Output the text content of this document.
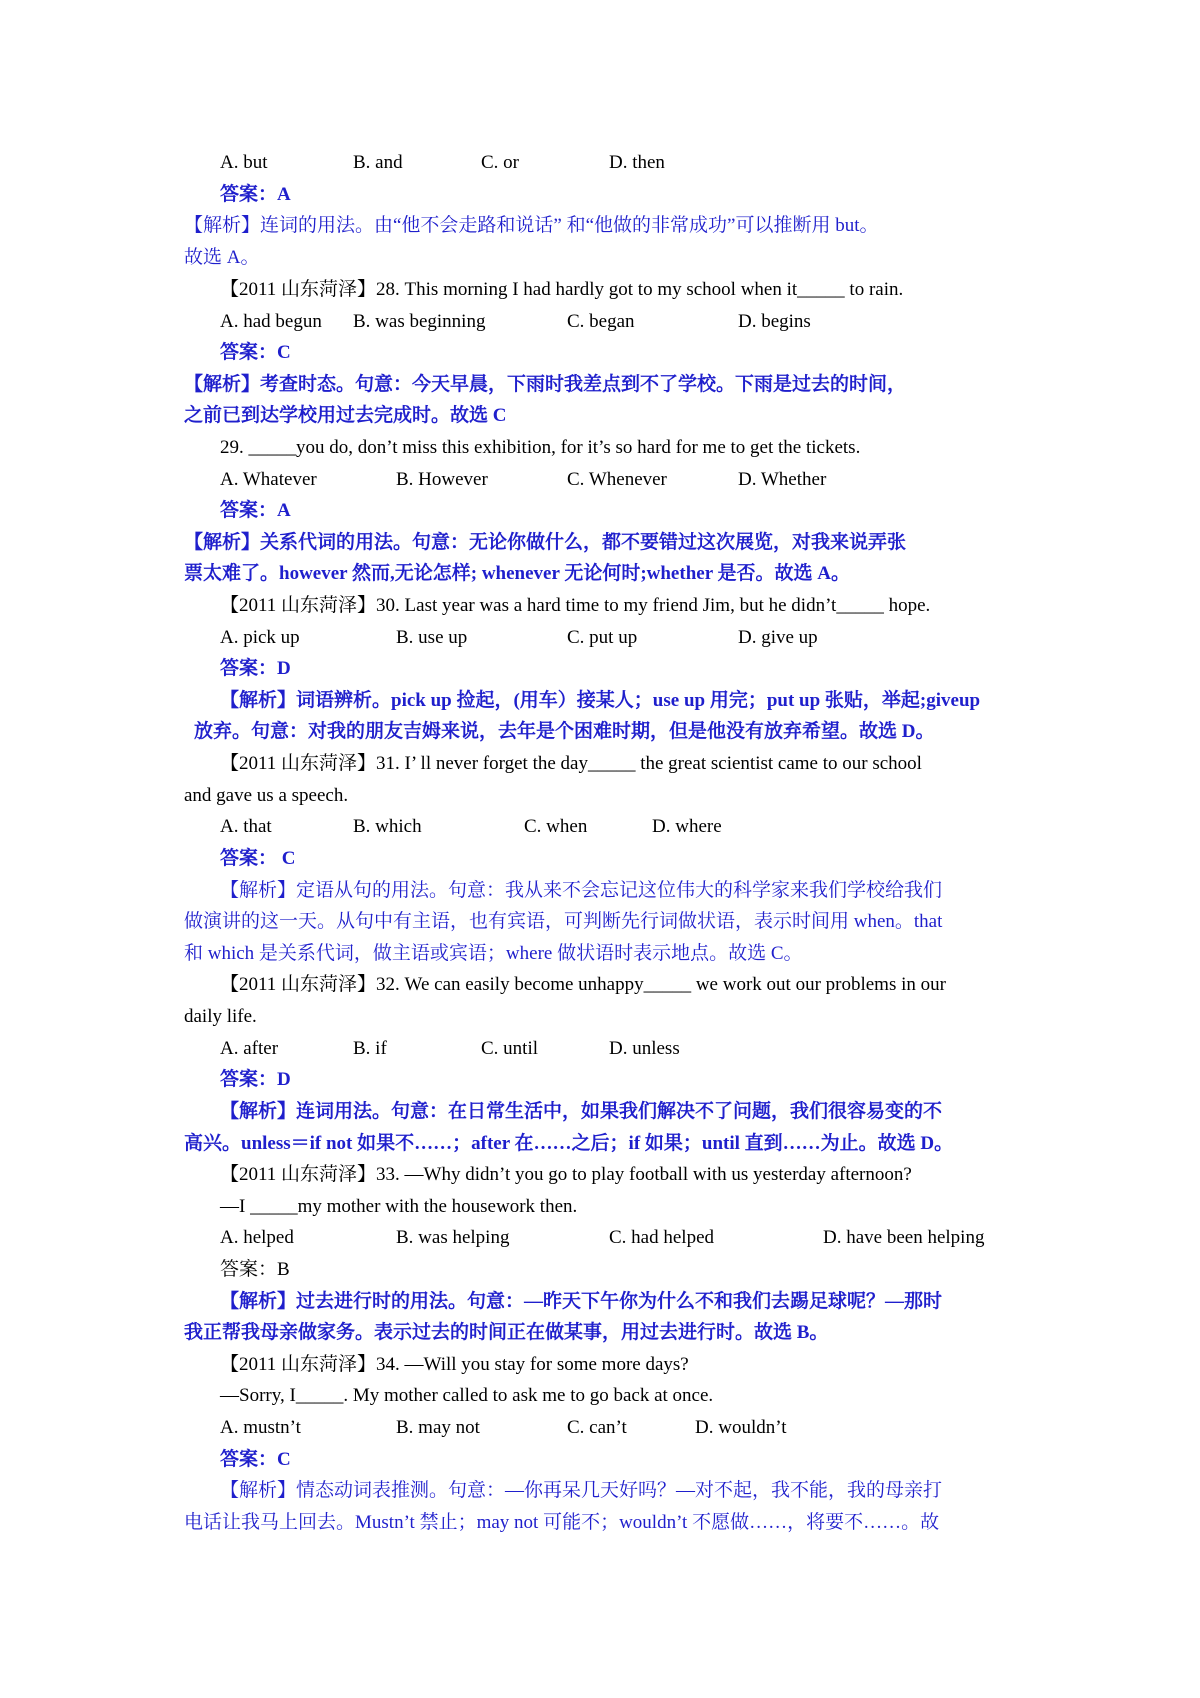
A. but	B. and	C. or	D. then
答案：A
【解析】连词的用法。由“他不会走路和说话” 和“他做的非常成功”可以推断用 but。
故选 A。
【2011 山东菏泽】28. This morning I had hardly got to my school when it_____ to rain.
A. had begun B. was beginning	C. began	D. begins
答案：C
【解析】考查时态。句意：今天早晨，下雨时我差点到不了学校。下雨是过去的时间，
之前已到达学校用过去完成时。故选 C
29. _____you do, don’t miss this exhibition, for it’s so hard for me to get the tickets.
A. Whatever	B. However	C. Whenever	D. Whether
答案：A
【解析】关系代词的用法。句意：无论你做什么，都不要错过这次展览，对我来说弄张
票太难了。however 然而,无论怎样; whenever 无论何时;whether 是否。故选 A。
【2011 山东菏泽】30. Last year was a hard time to my friend Jim, but he didn’t_____ hope.
A. pick up	B. use up	C. put up	D. give up
答案：D
【解析】词语辨析。pick up 捡起，(用车）接某人；use up 用完；put up 张贴，举起;giveup
放弃。句意：对我的朋友吉姆来说，去年是个困难时期，但是他没有放弃希望。故选 D。
【2011 山东菏泽】31. I’ ll never forget the day_____ the great scientist came to our school
and gave us a speech.
A. that	B. which	C. when	D. where
答案： C
【解析】定语从句的用法。句意：我从来不会忘记这位伟大的科学家来我们学校给我们
做演讲的这一天。从句中有主语，也有宾语，可判断先行词做状语，表示时间用 when。that
和 which 是关系代词，做主语或宾语；where 做状语时表示地点。故选 C。
【2011 山东菏泽】32. We can easily become unhappy_____ we work out our problems in our
daily life.
A. after	B. if	C. until	D. unless
答案：D
【解析】连词用法。句意：在日常生活中，如果我们解决不了问题，我们很容易变的不
高兴。unless＝if not 如果不……；after 在……之后；if 如果；until 直到……为止。故选 D。
【2011 山东菏泽】33. —Why didn’t you go to play football with us yesterday afternoon?
—I _____my mother with the housework then.
A. helped	B. was helping	C. had helped	D. have been helping
答案：B
【解析】过去进行时的用法。句意：—昨天下午你为什么不和我们去踢足球呢？—那时
我正帮我母亲做家务。表示过去的时间正在做某事，用过去进行时。故选 B。
【2011 山东菏泽】34. —Will you stay for some more days?
—Sorry, I_____. My mother called to ask me to go back at once.
A. mustn’t	B. may not	C. can’t	D. wouldn’t
答案：C
【解析】情态动词表推测。句意：—你再呆几天好吗？—对不起，我不能，我的母亲打
电话让我马上回去。Mustn’t 禁止；may not 可能不；wouldn’t 不愿做……，将要不……。故
